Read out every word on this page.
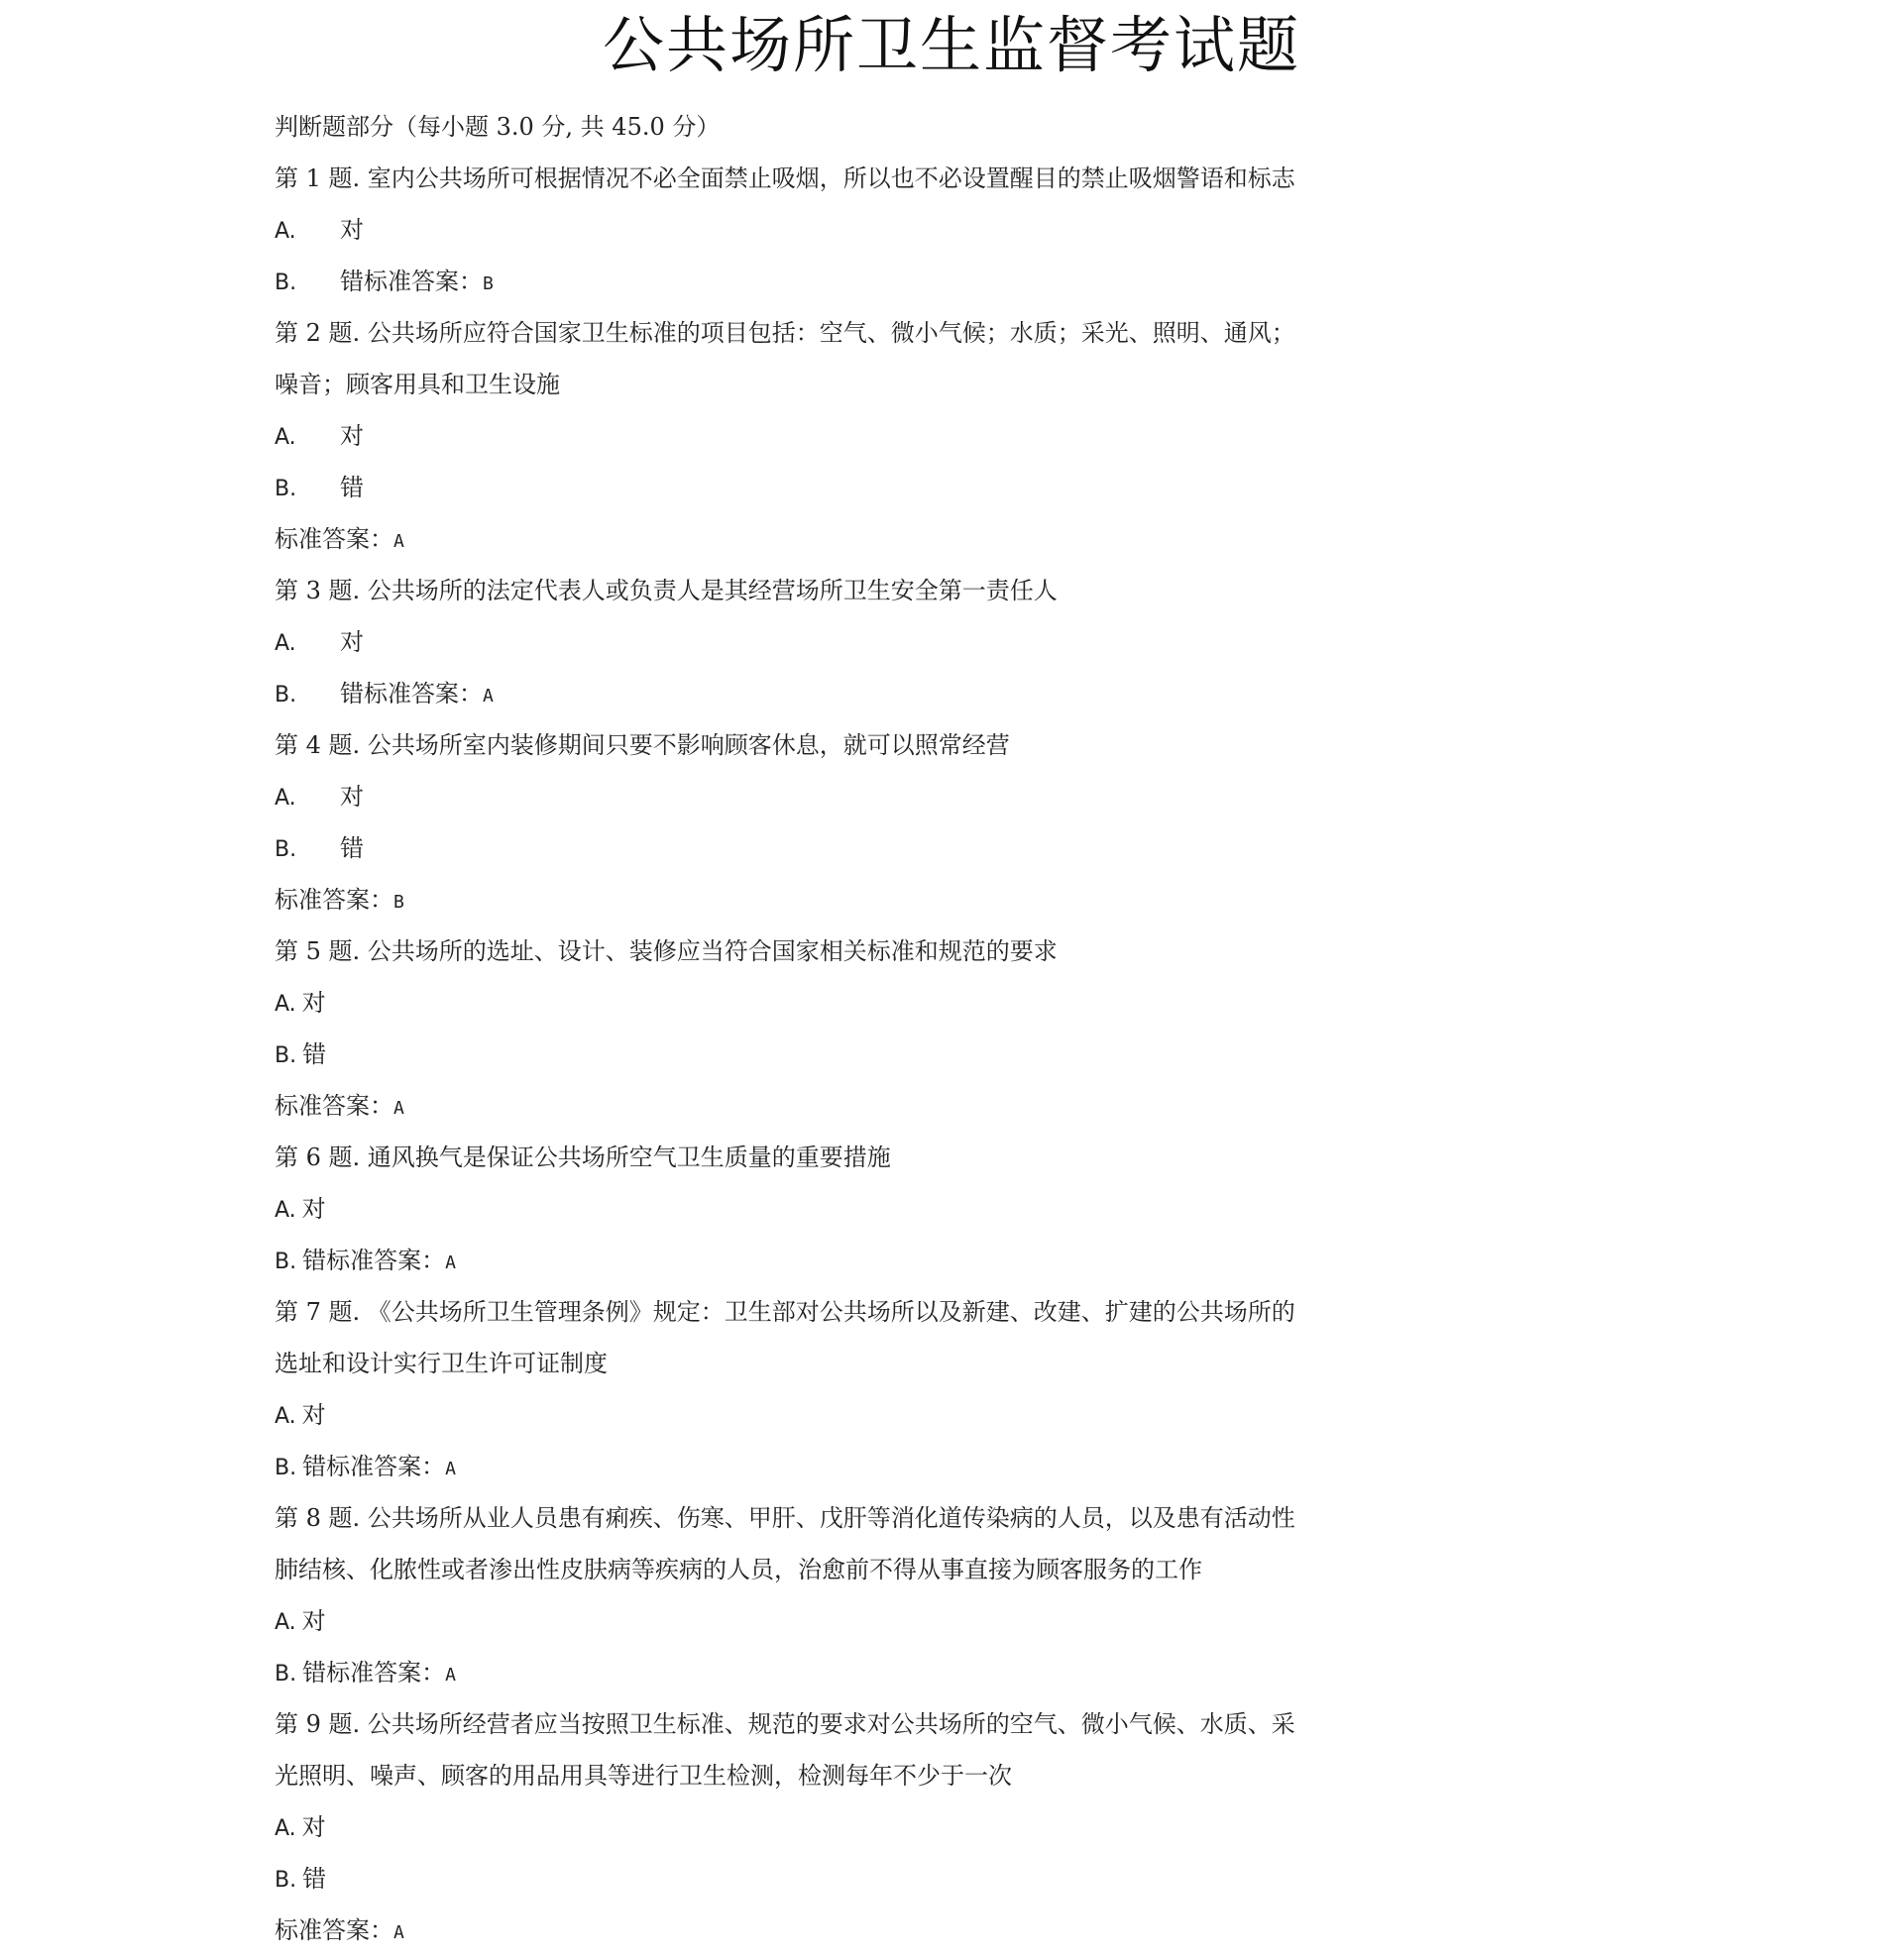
公共场所卫生监督考试题
判断题部分（每小题 3.0 分, 共 45.0 分）
第 1 题. 室内公共场所可根据情况不必全面禁止吸烟，所以也不必设置醒目的禁止吸烟警语和标志
A. 对
B. 错标准答案：B
第 2 题. 公共场所应符合国家卫生标准的项目包括：空气、微小气候；水质；采光、照明、通风；
噪音；顾客用具和卫生设施
A. 对
B. 错
标准答案：A
第 3 题. 公共场所的法定代表人或负责人是其经营场所卫生安全第一责任人
A. 对
B. 错标准答案：A
第 4 题. 公共场所室内装修期间只要不影响顾客休息，就可以照常经营
A. 对
B. 错
标准答案：B
第 5 题. 公共场所的选址、设计、装修应当符合国家相关标准和规范的要求
A. 对
B. 错
标准答案：A
第 6 题. 通风换气是保证公共场所空气卫生质量的重要措施
A. 对
B. 错标准答案：A
第 7 题. 《公共场所卫生管理条例》规定：卫生部对公共场所以及新建、改建、扩建的公共场所的
选址和设计实行卫生许可证制度
A. 对
B. 错标准答案：A
第 8 题. 公共场所从业人员患有痢疾、伤寒、甲肝、戊肝等消化道传染病的人员，以及患有活动性
肺结核、化脓性或者渗出性皮肤病等疾病的人员，治愈前不得从事直接为顾客服务的工作
A. 对
B. 错标准答案：A
第 9 题. 公共场所经营者应当按照卫生标准、规范的要求对公共场所的空气、微小气候、水质、采
光照明、噪声、顾客的用品用具等进行卫生检测，检测每年不少于一次
A. 对
B. 错
标准答案：A
